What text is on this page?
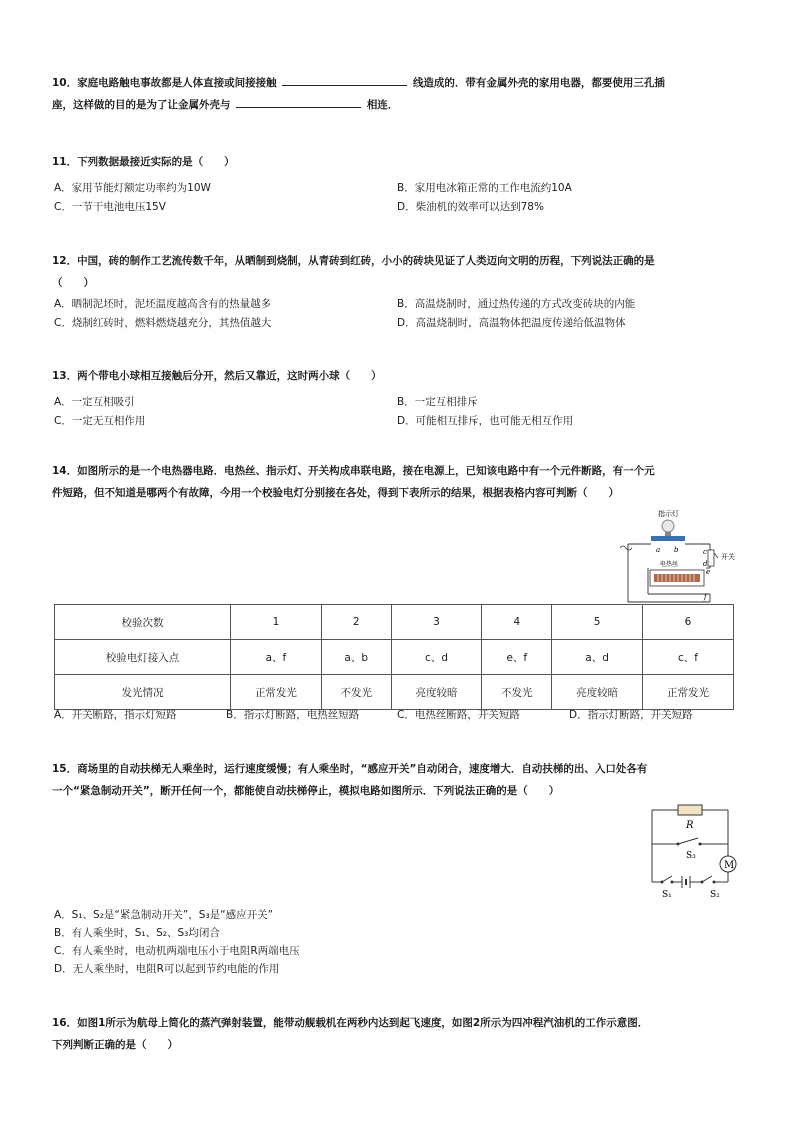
10．家庭电路触电事故都是人体直接或间接接触	线造成的．带有金属外壳的家用电器，都要使用三孔插
座，这样做的目的是为了让金属外壳与	相连．
11．下列数据最接近实际的是（　　）
A．家用节能灯额定功率约为10W	B．家用电冰箱正常的工作电流约10A
C．一节干电池电压15V	D．柴油机的效率可以达到78%
12．中国，砖的制作工艺流传数千年，从晒制到烧制，从青砖到红砖，小小的砖块见证了人类迈向文明的历程，下列说法正确的是
（　　）
A．晒制泥坯时，泥坯温度越高含有的热量越多	B．高温烧制时，通过热传递的方式改变砖块的内能
C．烧制红砖时，燃料燃烧越充分，其热值越大	D．高温烧制时，高温物体把温度传递给低温物体
13．两个带电小球相互接触后分开，然后又靠近，这时两小球（　　）
A．一定互相吸引	B．一定互相排斥
C．一定无互相作用	D．可能相互排斥，也可能无相互作用
14．如图所示的是一个电热器电路．电热丝、指示灯、开关构成串联电路，接在电源上，已知该电路中有一个元件断路，有一个元
件短路，但不知道是哪两个有故障，今用一个校验电灯分别接在各处，得到下表所示的结果，根据表格内容可判断（　　）
指示灯
开关
电热丝
a b	c
d
e
f
校验次数	1	2	3	4	5	6
校验电灯接入点	a、f	a、b	c、d	e、f	a、d	c、f
发光情况	正常发光	不发光	亮度较暗	不发光	亮度较暗	正常发光
A．开关断路，指示灯短路	B．指示灯断路，电热丝短路	C．电热丝断路，开关短路	D．指示灯断路，开关短路
15．商场里的自动扶梯无人乘坐时，运行速度缓慢；有人乘坐时，“感应开关”自动闭合，速度增大．自动扶梯的出、入口处各有
一个“紧急制动开关”，断开任何一个，都能使自动扶梯停止，模拟电路如图所示．下列说法正确的是（　　）
R
S₃
M
S₁	S₂
A．S₁、S₂是“紧急制动开关”，S₃是“感应开关”
B．有人乘坐时，S₁、S₂、S₃均闭合
C．有人乘坐时，电动机两端电压小于电阻R两端电压
D．无人乘坐时，电阻R可以起到节约电能的作用
16．如图1所示为航母上简化的蒸汽弹射装置，能带动舰载机在两秒内达到起飞速度，如图2所示为四冲程汽油机的工作示意图．
下列判断正确的是（　　）
